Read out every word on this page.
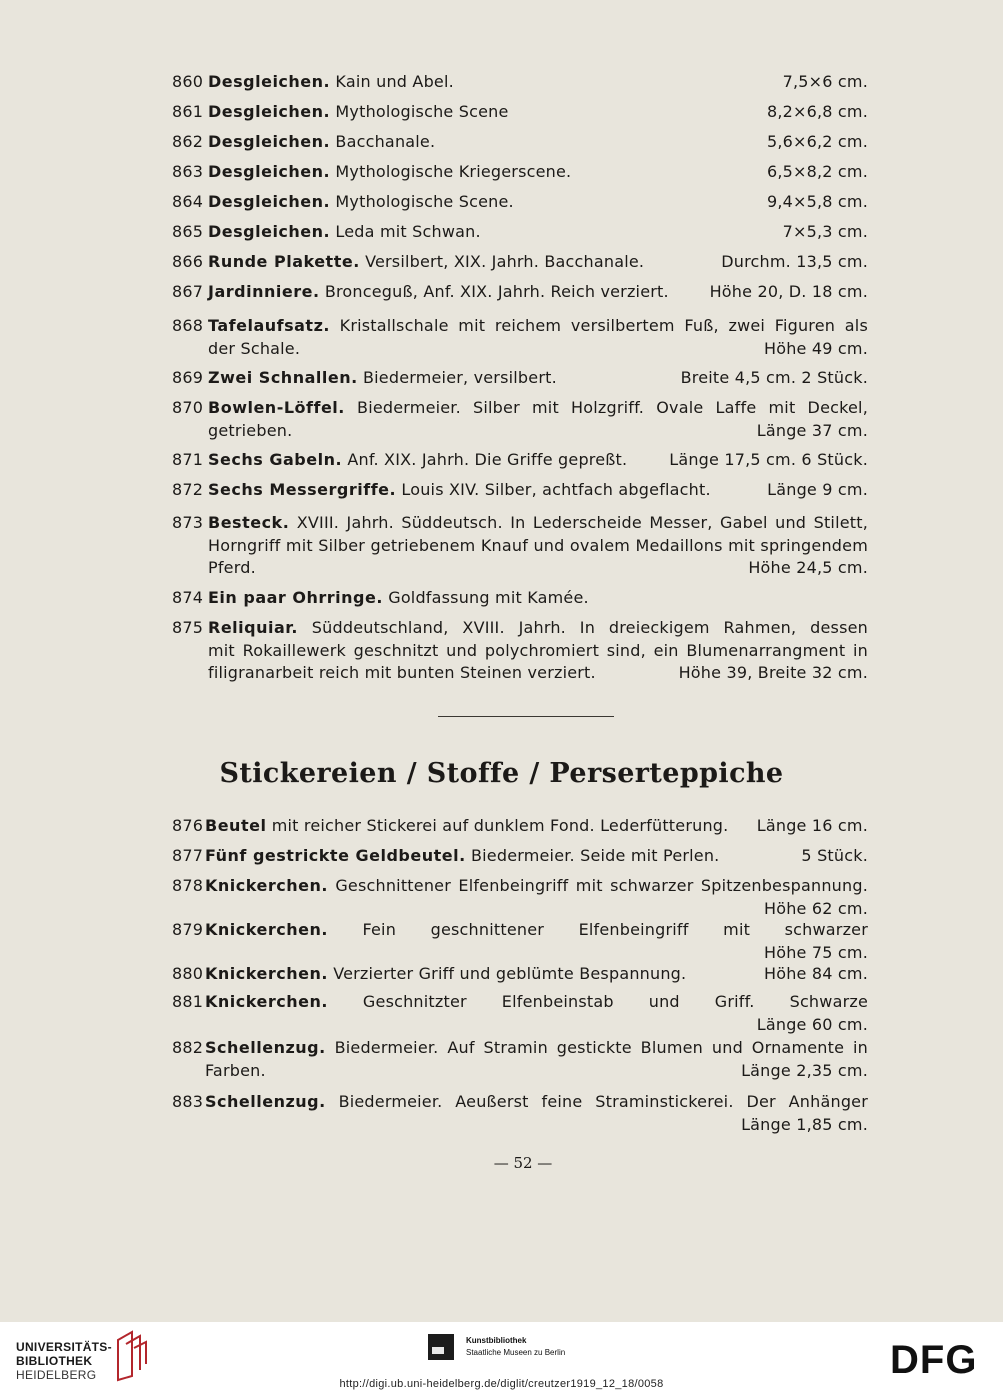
860 Desgleichen. Kain und Abel.	7,5×6 cm.
861 Desgleichen. Mythologische Scene	8,2×6,8 cm.
862 Desgleichen. Bacchanale.	5,6×6,2 cm.
863 Desgleichen. Mythologische Kriegerscene.	6,5×8,2 cm.
864 Desgleichen. Mythologische Scene.	9,4×5,8 cm.
865 Desgleichen. Leda mit Schwan.	7×5,3 cm.
866 Runde Plakette. Versilbert, XIX. Jahrh. Bacchanale.	Durchm. 13,5 cm.
867 Jardinniere. Bronceguß, Anf. XIX. Jahrh. Reich verziert.	Höhe 20, D. 18 cm.
868 Tafelaufsatz. Kristallschale mit reichem versilbertem Fuß, zwei Figuren als
der Schale.	Höhe 49 cm.
869 Zwei Schnallen. Biedermeier, versilbert.	Breite 4,5 cm. 2 Stück.
870 Bowlen-Löffel. Biedermeier. Silber mit Holzgriff. Ovale Laffe mit Deckel,
getrieben.	Länge 37 cm.
871 Sechs Gabeln. Anf. XIX. Jahrh. Die Griffe gepreßt.	Länge 17,5 cm. 6 Stück.
872 Sechs Messergriffe. Louis XIV. Silber, achtfach abgeflacht.	Länge 9 cm.
873 Besteck. XVIII. Jahrh. Süddeutsch. In Lederscheide Messer, Gabel und Stilett,
Horngriff mit Silber getriebenem Knauf und ovalem Medaillons mit springendem
Pferd.	Höhe 24,5 cm.
874 Ein paar Ohrringe. Goldfassung mit Kamée.
875 Reliquiar. Süddeutschland, XVIII. Jahrh. In dreieckigem Rahmen, dessen
mit Rokaillewerk geschnitzt und polychromiert sind, ein Blumenarrangment in
filigranarbeit reich mit bunten Steinen verziert.	Höhe 39, Breite 32 cm.
Stickereien / Stoffe / Perserteppiche
876 Beutel mit reicher Stickerei auf dunklem Fond. Lederfütterung. Länge 16 cm.
877 Fünf gestrickte Geldbeutel. Biedermeier. Seide mit Perlen.	5 Stück.
878 Knickerchen. Geschnittener Elfenbeingriff mit schwarzer Spitzenbespannung.
Höhe 62 cm.
879 Knickerchen. Fein geschnittener Elfenbeingriff mit schwarzer
Höhe 75 cm.
880 Knickerchen. Verzierter Griff und geblümte Bespannung.	Höhe 84 cm.
881 Knickerchen. Geschnitzter Elfenbeinstab und Griff. Schwarze
Länge 60 cm.
882 Schellenzug. Biedermeier. Auf Stramin gestickte Blumen und Ornamente in
Farben.	Länge 2,35 cm.
883 Schellenzug. Biedermeier. Aeußerst feine Straminstickerei. Der Anhänger
Länge 1,85 cm.
— 52 —
UNIVERSITÄTS-
BIBLIOTHEK
HEIDELBERG
Kunstbibliothek
Staatliche Museen zu Berlin	DFG
http://digi.ub.uni-heidelberg.de/diglit/creutzer1919_12_18/0058
